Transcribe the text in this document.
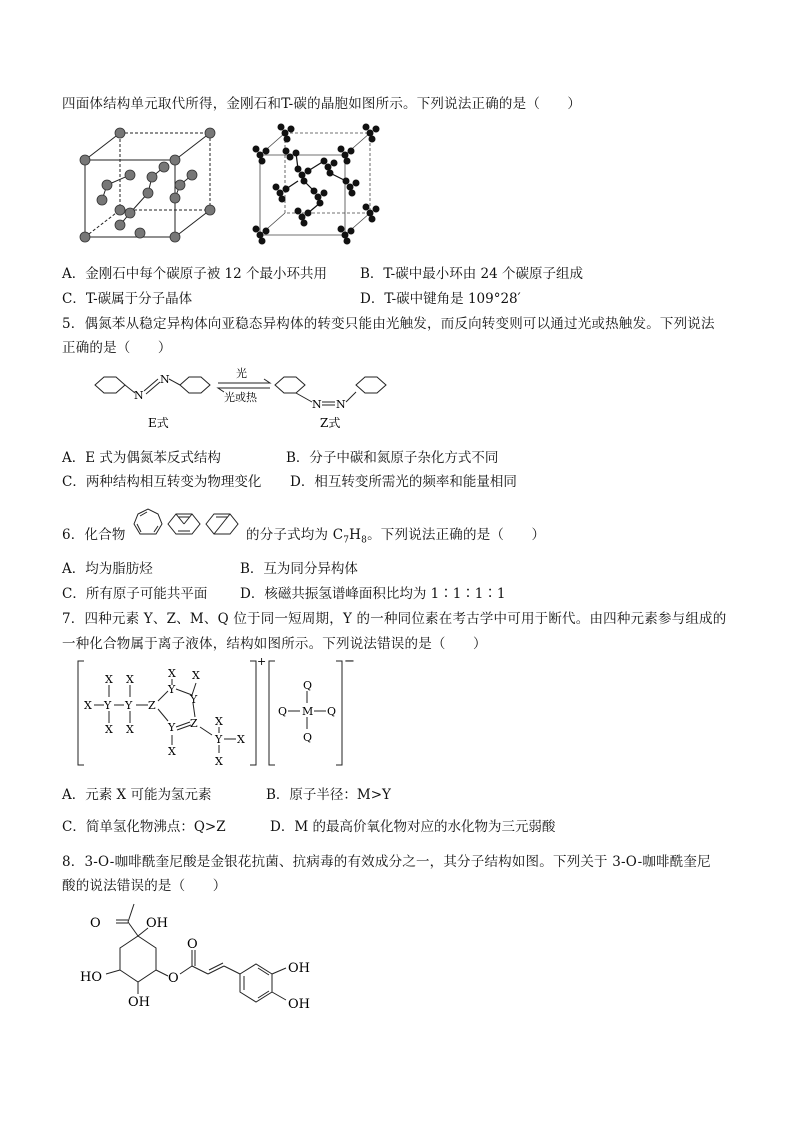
四面体结构单元取代所得，金刚石和T-碳的晶胞如图所示。下列说法正确的是（　　）
A．金刚石中每个碳原子被 12 个最小环共用 B．T-碳中最小环由 24 个碳原子组成
C．T-碳属于分子晶体	D．T-碳中键角是 109°28′
5．偶氮苯从稳定异构体向亚稳态异构体的转变只能由光触发，而反向转变则可以通过光或热触发。下列说法
正确的是（　　）
N
N
N N
光
光或热
E式	Z式
A．E 式为偶氮苯反式结构	B．分子中碳和氮原子杂化方式不同
C．两种结构相互转变为物理变化 D．相互转变所需光的频率和能量相同
6．化合物	的分子式均为 $C_7H_8$。下列说法正确的是（　　）
A．均为脂肪烃	B．互为同分异构体
C．所有原子可能共平面 D．核磁共振氢谱峰面积比均为 1∶1∶1∶1
7．四种元素 Y、Z、M、Q 位于同一短周期，Y 的一种同位素在考古学中可用于断代。由四种元素参与组成的
一种化合物属于离子液体，结构如图所示。下列说法错误的是（　　）
X Y Y Z
X X
X X
X
Y
X
Y
Y Z
X
X
Y
X
X
Q M Q
Q
Q
+	−
A．元素 X 可能为氢元素	B．原子半径：M>Y
C．简单氢化物沸点：Q>Z	D．M 的最高价氧化物对应的水化物为三元弱酸
8．3-O-咖啡酰奎尼酸是金银花抗菌、抗病毒的有效成分之一，其分子结构如图。下列关于 3-O-咖啡酰奎尼
酸的说法错误的是（　　）
O	OH
HO
OH
O
O
OH
OH
